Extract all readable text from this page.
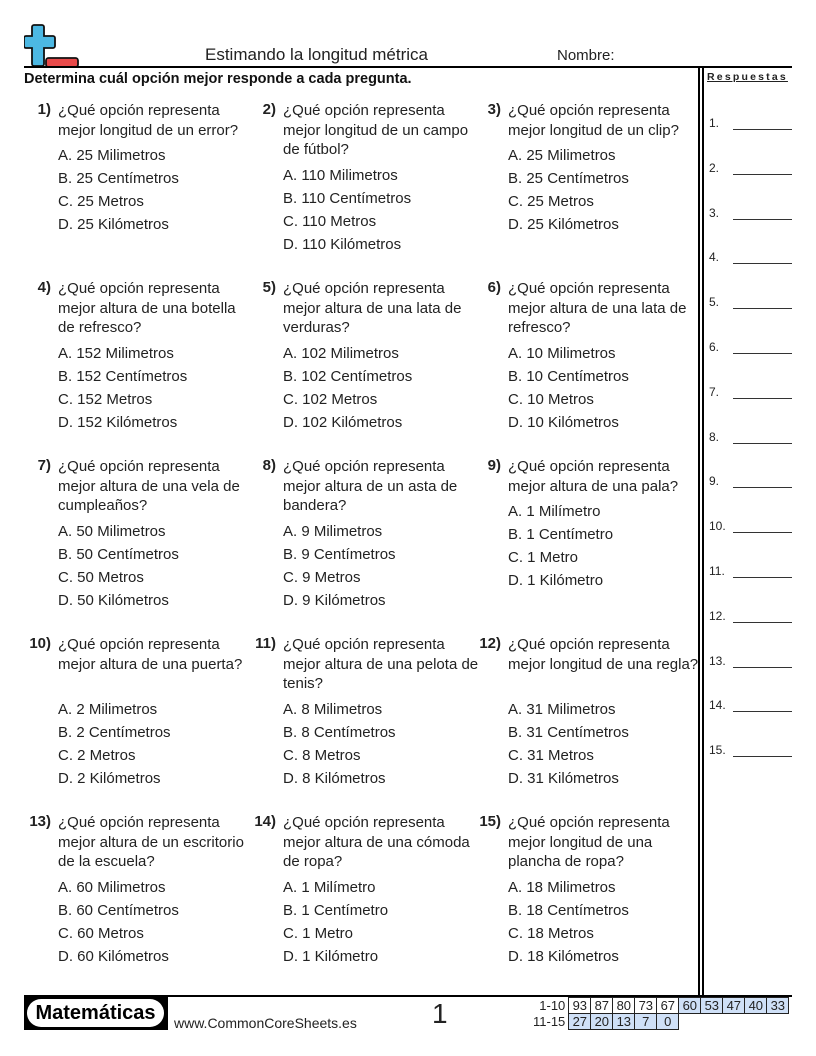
Estimando la longitud métrica	Nombre:
Determina cuál opción mejor responde a cada pregunta.	Respuestas
1.
2.
3.
4.
5.
6.
7.
8.
9.
10.
11.
12.
13.
14.
15.
1) ¿Qué opción representa mejor longitud de un error?
A. 25 Milimetros
B. 25 Centímetros
C. 25 Metros
D. 25 Kilómetros
2) ¿Qué opción representa mejor longitud de un campo de fútbol?
A. 110 Milimetros
B. 110 Centímetros
C. 110 Metros
D. 110 Kilómetros
3) ¿Qué opción representa mejor longitud de un clip?
A. 25 Milimetros
B. 25 Centímetros
C. 25 Metros
D. 25 Kilómetros
4) ¿Qué opción representa mejor altura de una botella de refresco?
A. 152 Milimetros
B. 152 Centímetros
C. 152 Metros
D. 152 Kilómetros
5) ¿Qué opción representa mejor altura de una lata de verduras?
A. 102 Milimetros
B. 102 Centímetros
C. 102 Metros
D. 102 Kilómetros
6) ¿Qué opción representa mejor altura de una lata de refresco?
A. 10 Milimetros
B. 10 Centímetros
C. 10 Metros
D. 10 Kilómetros
7) ¿Qué opción representa mejor altura de una vela de cumpleaños?
A. 50 Milimetros
B. 50 Centímetros
C. 50 Metros
D. 50 Kilómetros
8) ¿Qué opción representa mejor altura de un asta de bandera?
A. 9 Milimetros
B. 9 Centímetros
C. 9 Metros
D. 9 Kilómetros
9) ¿Qué opción representa mejor altura de una pala?
A. 1 Milímetro
B. 1 Centímetro
C. 1 Metro
D. 1 Kilómetro
10) ¿Qué opción representa mejor altura de una puerta?
A. 2 Milimetros
B. 2 Centímetros
C. 2 Metros
D. 2 Kilómetros
11) ¿Qué opción representa mejor altura de una pelota de tenis?
A. 8 Milimetros
B. 8 Centímetros
C. 8 Metros
D. 8 Kilómetros
12) ¿Qué opción representa mejor longitud de una regla?
A. 31 Milimetros
B. 31 Centímetros
C. 31 Metros
D. 31 Kilómetros
13) ¿Qué opción representa mejor altura de un escritorio de la escuela?
A. 60 Milimetros
B. 60 Centímetros
C. 60 Metros
D. 60 Kilómetros
14) ¿Qué opción representa mejor altura de una cómoda de ropa?
A. 1 Milímetro
B. 1 Centímetro
C. 1 Metro
D. 1 Kilómetro
15) ¿Qué opción representa mejor longitud de una plancha de ropa?
A. 18 Milimetros
B. 18 Centímetros
C. 18 Metros
D. 18 Kilómetros
Matemáticas	www.CommonCoreSheets.es	1	1-10	93	87	80	73	67	60	53	47	40	33
11-15	27	20	13	7	0					
